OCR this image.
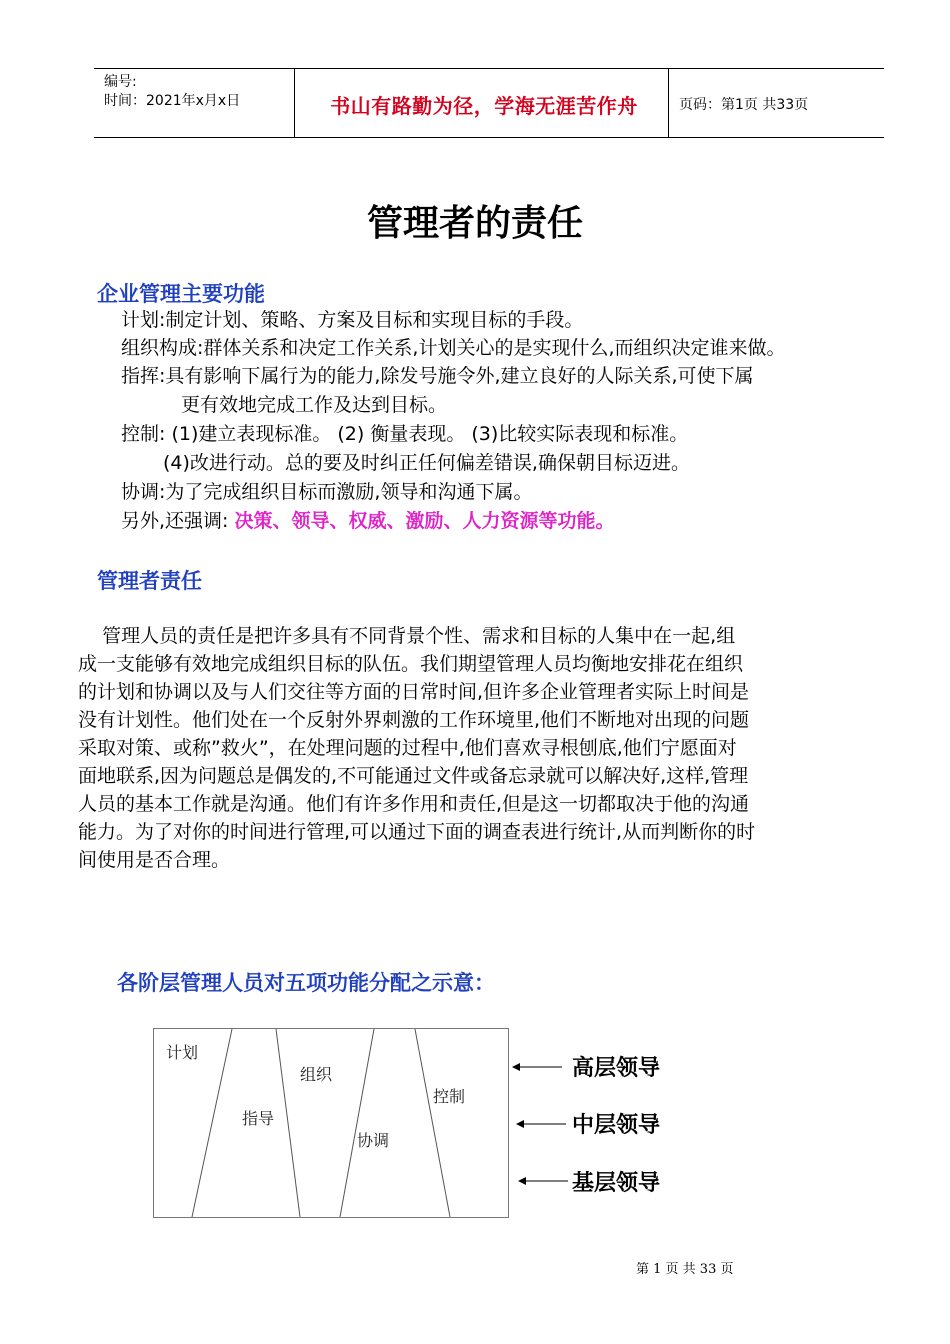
编号:
时间：2021年x月x日	书山有路勤为径，学海无涯苦作舟	页码：第1页 共33页
管理者的责任
企业管理主要功能
计划:制定计划、策略、方案及目标和实现目标的手段。
组织构成:群体关系和决定工作关系,计划关心的是实现什么,而组织决定谁来做。
指挥:具有影响下属行为的能力,除发号施令外,建立良好的人际关系,可使下属
更有效地完成工作及达到目标。
控制: (1)建立表现标准。 (2) 衡量表现。 (3)比较实际表现和标准。
(4)改进行动。总的要及时纠正任何偏差错误,确保朝目标迈进。
协调:为了完成组织目标而激励,领导和沟通下属。
另外,还强调: 决策、领导、权威、激励、人力资源等功能。
管理者责任
管理人员的责任是把许多具有不同背景个性、需求和目标的人集中在一起,组
成一支能够有效地完成组织目标的队伍。我们期望管理人员均衡地安排花在组织
的计划和协调以及与人们交往等方面的日常时间,但许多企业管理者实际上时间是
没有计划性。他们处在一个反射外界刺激的工作环境里,他们不断地对出现的问题
采取对策、或称”救火”，在处理问题的过程中,他们喜欢寻根刨底,他们宁愿面对
面地联系,因为问题总是偶发的,不可能通过文件或备忘录就可以解决好,这样,管理
人员的基本工作就是沟通。他们有许多作用和责任,但是这一切都取决于他的沟通
能力。为了对你的时间进行管理,可以通过下面的调查表进行统计,从而判断你的时
间使用是否合理。
各阶层管理人员对五项功能分配之示意：
计划
组织
指导
控制
协调
高层领导
中层领导
基层领导
第 1 页 共 33 页
